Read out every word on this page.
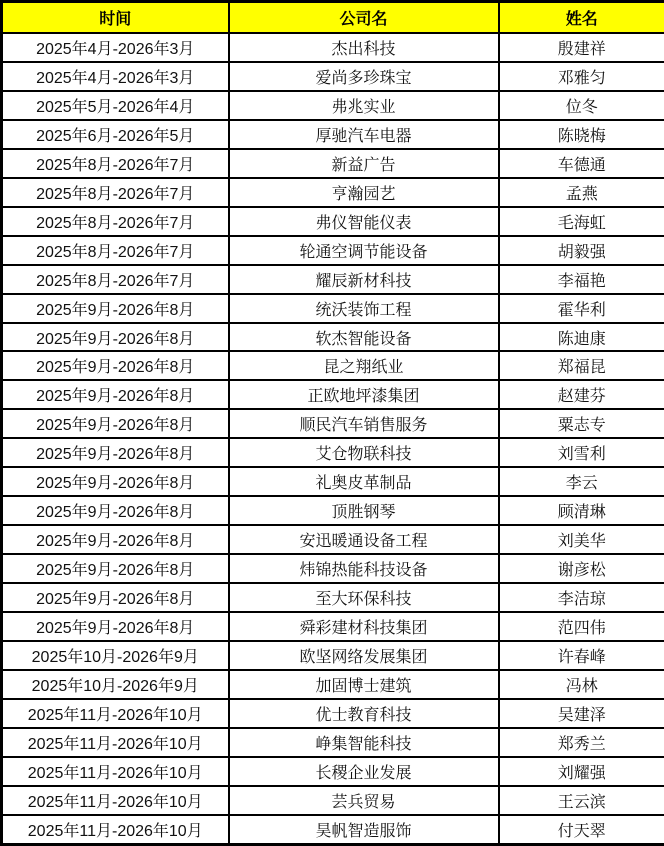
时间	公司名	姓名
2025年4月-2026年3月	杰出科技	殷建祥
2025年4月-2026年3月	爱尚多珍珠宝	邓雅匀
2025年5月-2026年4月	弗兆实业	位冬
2025年6月-2026年5月	厚驰汽车电器	陈晓梅
2025年8月-2026年7月	新益广告	车德通
2025年8月-2026年7月	亨瀚园艺	孟燕
2025年8月-2026年7月	弗仪智能仪表	毛海虹
2025年8月-2026年7月	轮通空调节能设备	胡毅强
2025年8月-2026年7月	耀辰新材科技	李福艳
2025年9月-2026年8月	统沃装饰工程	霍华利
2025年9月-2026年8月	软杰智能设备	陈迪康
2025年9月-2026年8月	昆之翔纸业	郑福昆
2025年9月-2026年8月	正欧地坪漆集团	赵建芬
2025年9月-2026年8月	顺民汽车销售服务	粟志专
2025年9月-2026年8月	艾仓物联科技	刘雪利
2025年9月-2026年8月	礼奥皮革制品	李云
2025年9月-2026年8月	顶胜钢琴	顾清琳
2025年9月-2026年8月	安迅暖通设备工程	刘美华
2025年9月-2026年8月	炜锦热能科技设备	谢彦松
2025年9月-2026年8月	至大环保科技	李洁琼
2025年9月-2026年8月	舜彩建材科技集团	范四伟
2025年10月-2026年9月	欧坚网络发展集团	许春峰
2025年10月-2026年9月	加固博士建筑	冯林
2025年11月-2026年10月	优士教育科技	吴建泽
2025年11月-2026年10月	峥集智能科技	郑秀兰
2025年11月-2026年10月	长稷企业发展	刘耀强
2025年11月-2026年10月	芸兵贸易	王云滨
2025年11月-2026年10月	昊帆智造服饰	付天翠
